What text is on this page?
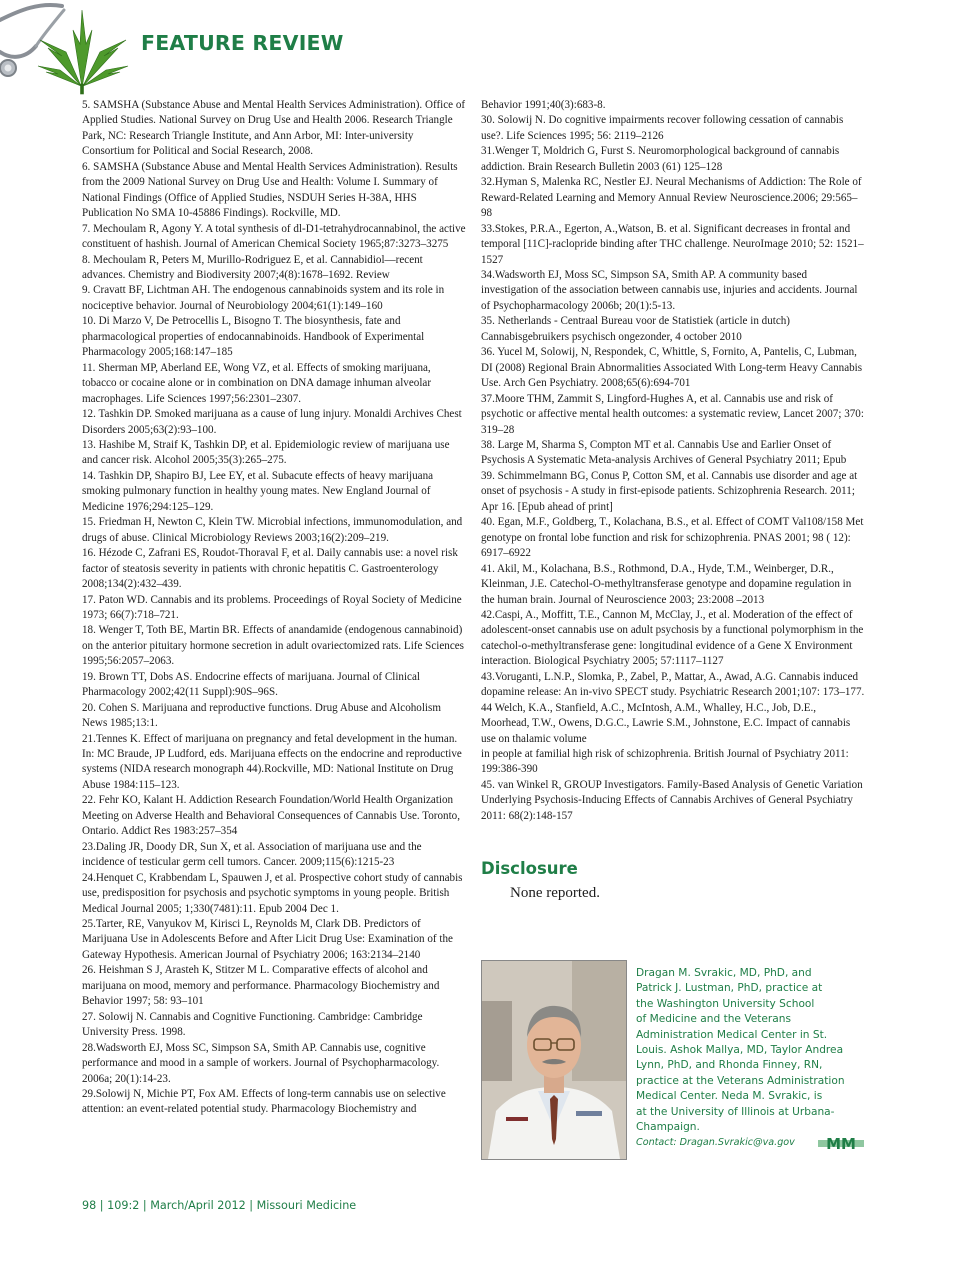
FEATURE REVIEW

5. SAMSHA (Substance Abuse and Mental Health Services Administration). Office of Applied Studies. National Survey on Drug Use and Health 2006. Research Triangle Park, NC: Research Triangle Institute, and Ann Arbor, MI: Inter-university Consortium for Political and Social Research, 2008.

6. SAMSHA (Substance Abuse and Mental Health Services Administration). Results from the 2009 National Survey on Drug Use and Health: Volume I. Summary of National Findings (Office of Applied Studies, NSDUH Series H-38A, HHS Publication No SMA 10-45886 Findings). Rockville, MD.

7. Mechoulam R, Agony Y. A total synthesis of dl-D1-tetrahydrocannabinol, the active constituent of hashish. Journal of American Chemical Society 1965;87:3273–3275

8. Mechoulam R, Peters M, Murillo-Rodriguez E, et al. Cannabidiol—recent advances. Chemistry and Biodiversity 2007;4(8):1678–1692. Review

9. Cravatt BF, Lichtman AH. The endogenous cannabinoids system and its role in nociceptive behavior. Journal of Neurobiology 2004;61(1):149–160

10. Di Marzo V, De Petrocellis L, Bisogno T. The biosynthesis, fate and pharmacological properties of endocannabinoids. Handbook of Experimental Pharmacology 2005;168:147–185

11. Sherman MP, Aberland EE, Wong VZ, et al. Effects of smoking marijuana, tobacco or cocaine alone or in combination on DNA damage inhuman alveolar macrophages. Life Sciences 1997;56:2301–2307.

12. Tashkin DP. Smoked marijuana as a cause of lung injury. Monaldi Archives Chest Disorders 2005;63(2):93–100.

13. Hashibe M, Straif K, Tashkin DP, et al. Epidemiologic review of marijuana use and cancer risk. Alcohol 2005;35(3):265–275.

14. Tashkin DP, Shapiro BJ, Lee EY, et al. Subacute effects of heavy marijuana smoking pulmonary function in healthy young mates. New England Journal of Medicine 1976;294:125–129.

15. Friedman H, Newton C, Klein TW. Microbial infections, immunomodulation, and drugs of abuse. Clinical Microbiology Reviews 2003;16(2):209–219.

16. Hézode C, Zafrani ES, Roudot-Thoraval F, et al. Daily cannabis use: a novel risk factor of steatosis severity in patients with chronic hepatitis C. Gastroenterology 2008;134(2):432–439.

17. Paton WD. Cannabis and its problems. Proceedings of Royal Society of Medicine 1973; 66(7):718–721.

18. Wenger T, Toth BE, Martin BR. Effects of anandamide (endogenous cannabinoid) on the anterior pituitary hormone secretion in adult ovariectomized rats. Life Sciences 1995;56:2057–2063.

19. Brown TT, Dobs AS. Endocrine effects of marijuana. Journal of Clinical Pharmacology 2002;42(11 Suppl):90S–96S.

20. Cohen S. Marijuana and reproductive functions. Drug Abuse and Alcoholism News 1985;13:1.

21.Tennes K. Effect of marijuana on pregnancy and fetal development in the human. In: MC Braude, JP Ludford, eds. Marijuana effects on the endocrine and reproductive systems (NIDA research monograph 44).Rockville, MD: National Institute on Drug Abuse 1984:115–123.

22. Fehr KO, Kalant H. Addiction Research Foundation/World Health Organization Meeting on Adverse Health and Behavioral Consequences of Cannabis Use. Toronto, Ontario. Addict Res 1983:257–354

23.Daling JR, Doody DR, Sun X, et al. Association of marijuana use and the incidence of testicular germ cell tumors. Cancer. 2009;115(6):1215-23

24.Henquet C, Krabbendam L, Spauwen J, et al. Prospective cohort study of cannabis use, predisposition for psychosis and psychotic symptoms in young people. British Medical Journal 2005; 1;330(7481):11. Epub 2004 Dec 1.

25.Tarter, RE, Vanyukov M, Kirisci L, Reynolds M, Clark DB. Predictors of Marijuana Use in Adolescents Before and After Licit Drug Use: Examination of the Gateway Hypothesis. American Journal of Psychiatry 2006; 163:2134–2140

26. Heishman S J, Arasteh K, Stitzer M L. Comparative effects of alcohol and marijuana on mood, memory and performance. Pharmacology Biochemistry and Behavior 1997; 58: 93–101

27. Solowij N. Cannabis and Cognitive Functioning. Cambridge: Cambridge University Press. 1998.

28.Wadsworth EJ, Moss SC, Simpson SA, Smith AP. Cannabis use, cognitive performance and mood in a sample of workers. Journal of Psychopharmacology. 2006a; 20(1):14-23.

29.Solowij N, Michie PT, Fox AM. Effects of long-term cannabis use on selective attention: an event-related potential study. Pharmacology Biochemistry and

Behavior 1991;40(3):683-8.

30. Solowij N. Do cognitive impairments recover following cessation of cannabis use?. Life Sciences 1995; 56: 2119–2126

31.Wenger T, Moldrich G, Furst S. Neuromorphological background of cannabis addiction. Brain Research Bulletin 2003 (61) 125–128

32.Hyman S, Malenka RC, Nestler EJ. Neural Mechanisms of Addiction: The Role of Reward-Related Learning and Memory Annual Review Neuroscience.2006; 29:565–98

33.Stokes, P.R.A., Egerton, A.,Watson, B. et al. Significant decreases in frontal and temporal [11C]-raclopride binding after THC challenge. NeuroImage 2010; 52: 1521–1527

34.Wadsworth EJ, Moss SC, Simpson SA, Smith AP. A community based investigation of the association between cannabis use, injuries and accidents. Journal of Psychopharmacology 2006b; 20(1):5-13.

35. Netherlands - Centraal Bureau voor de Statistiek (article in dutch) Cannabisgebruikers psychisch ongezonder, 4 october 2010

36. Yucel M, Solowij, N, Respondek, C, Whittle, S, Fornito, A, Pantelis, C, Lubman, DI (2008) Regional Brain Abnormalities Associated With Long-term Heavy Cannabis Use. Arch Gen Psychiatry. 2008;65(6):694-701

37.Moore THM, Zammit S, Lingford-Hughes A, et al. Cannabis use and risk of psychotic or affective mental health outcomes: a systematic review, Lancet 2007; 370: 319–28

38. Large M, Sharma S, Compton MT et al. Cannabis Use and Earlier Onset of Psychosis A Systematic Meta-analysis Archives of General Psychiatry 2011; Epub

39. Schimmelmann BG, Conus P, Cotton SM, et al. Cannabis use disorder and age at onset of psychosis - A study in first-episode patients. Schizophrenia Research. 2011; Apr 16. [Epub ahead of print]

40. Egan, M.F., Goldberg, T., Kolachana, B.S., et al. Effect of COMT Val108/158 Met genotype on frontal lobe function and risk for schizophrenia. PNAS 2001; 98 ( 12): 6917–6922

41. Akil, M., Kolachana, B.S., Rothmond, D.A., Hyde, T.M., Weinberger, D.R., Kleinman, J.E. Catechol-O-methyltransferase genotype and dopamine regulation in the human brain. Journal of Neuroscience 2003; 23:2008 –2013

42.Caspi, A., Moffitt, T.E., Cannon M, McClay, J., et al. Moderation of the effect of adolescent-onset cannabis use on adult psychosis by a functional polymorphism in the catechol-o-methyltransferase gene: longitudinal evidence of a Gene X Environment interaction. Biological Psychiatry 2005; 57:1117–1127

43.Voruganti, L.N.P., Slomka, P., Zabel, P., Mattar, A., Awad, A.G. Cannabis induced dopamine release: An in-vivo SPECT study. Psychiatric Research 2001;107: 173–177.

44 Welch, K.A., Stanfield, A.C., McIntosh, A.M., Whalley, H.C., Job, D.E., Moorhead, T.W., Owens, D.G.C., Lawrie S.M., Johnstone, E.C. Impact of cannabis use on thalamic volume

in people at familial high risk of schizophrenia. British Journal of Psychiatry 2011: 199:386-390

45. van Winkel R, GROUP Investigators. Family-Based Analysis of Genetic Variation Underlying Psychosis-Inducing Effects of Cannabis Archives of General Psychiatry 2011: 68(2):148-157

Disclosure
None reported.
Dragan M. Svrakic, MD, PhD, and
Patrick J. Lustman, PhD, practice at
the Washington University School
of Medicine and the Veterans
Administration Medical Center in St.
Louis. Ashok Mallya, MD, Taylor Andrea
Lynn, PhD, and Rhonda Finney, RN,
practice at the Veterans Administration
Medical Center. Neda M. Svrakic, is
at the University of Illinois at Urbana-
Champaign.
Contact: Dragan.Svrakic@va.gov MM
98 | 109:2 | March/April 2012 | Missouri Medicine
